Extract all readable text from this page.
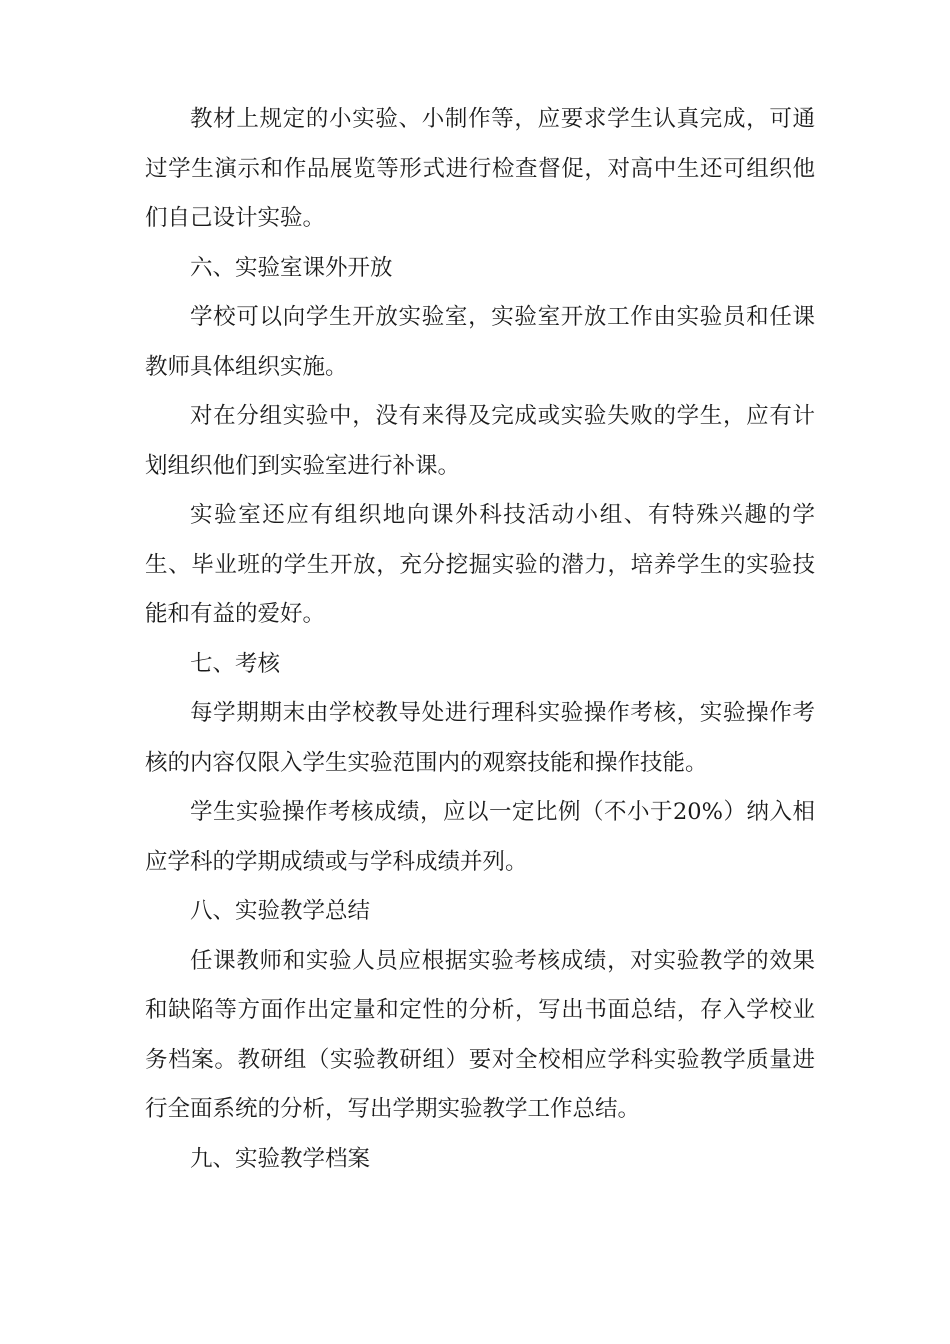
教材上规定的小实验、小制作等，应要求学生认真完成，可通过学生演示和作品展览等形式进行检查督促，对高中生还可组织他们自己设计实验。

六、实验室课外开放

学校可以向学生开放实验室，实验室开放工作由实验员和任课教师具体组织实施。

对在分组实验中，没有来得及完成或实验失败的学生，应有计划组织他们到实验室进行补课。

实验室还应有组织地向课外科技活动小组、有特殊兴趣的学生、毕业班的学生开放，充分挖掘实验的潜力，培养学生的实验技能和有益的爱好。

七、考核

每学期期末由学校教导处进行理科实验操作考核，实验操作考核的内容仅限入学生实验范围内的观察技能和操作技能。

学生实验操作考核成绩，应以一定比例（不小于20%）纳入相应学科的学期成绩或与学科成绩并列。

八、实验教学总结

任课教师和实验人员应根据实验考核成绩，对实验教学的效果和缺陷等方面作出定量和定性的分析，写出书面总结，存入学校业务档案。教研组（实验教研组）要对全校相应学科实验教学质量进行全面系统的分析，写出学期实验教学工作总结。

九、实验教学档案
